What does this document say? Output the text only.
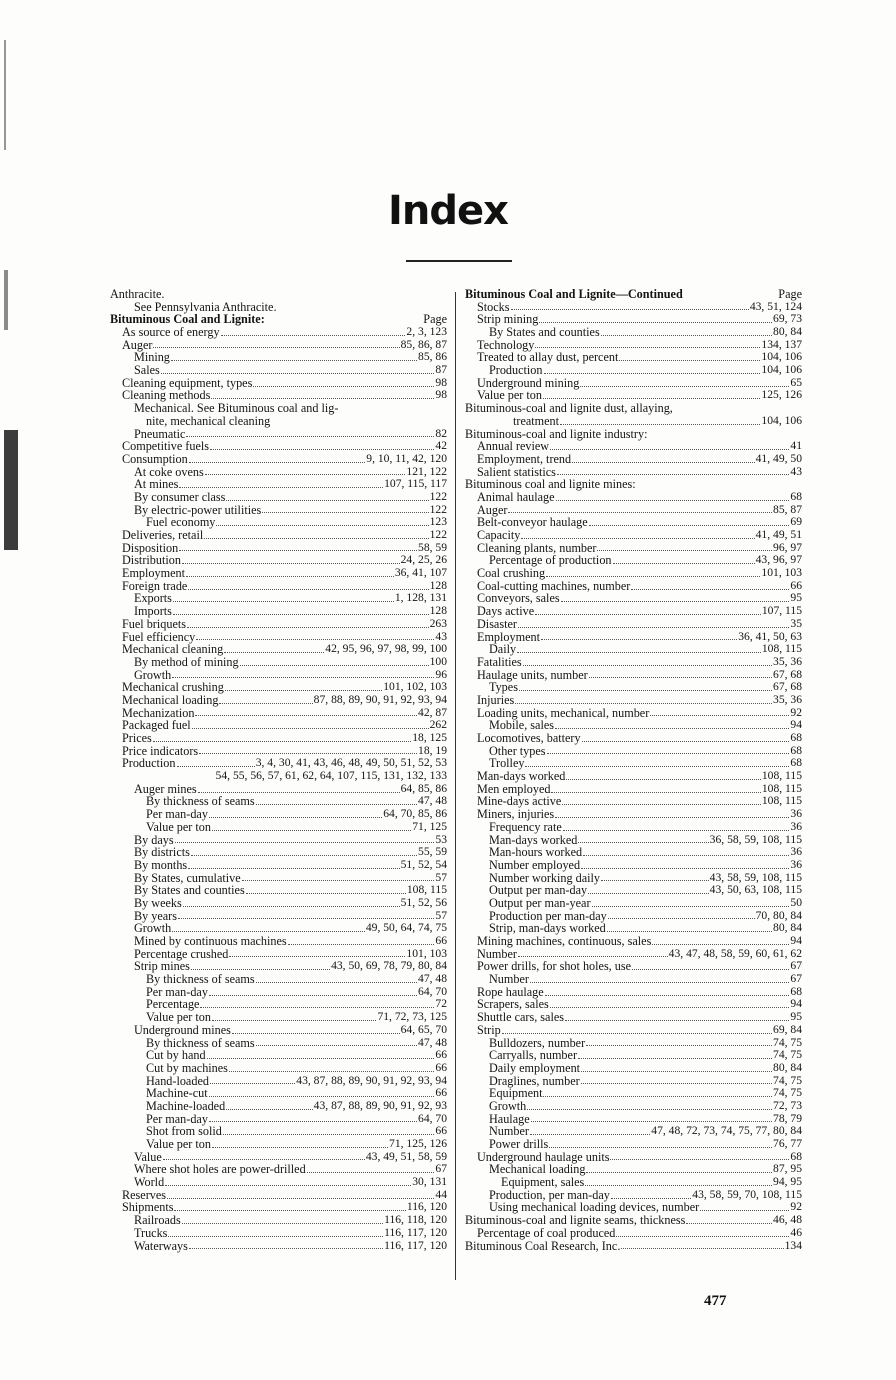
Index
Anthracite.
See Pennsylvania Anthracite.
Bituminous Coal and Lignite:	Page
As source of energy	2, 3, 123
Auger	85, 86, 87
Mining	85, 86
Sales	87
Cleaning equipment, types	98
Cleaning methods	98
Mechanical. See Bituminous coal and lig-
nite, mechanical cleaning
Pneumatic	82
Competitive fuels	42
Consumption	9, 10, 11, 42, 120
At coke ovens	121, 122
At mines	107, 115, 117
By consumer class	122
By electric-power utilities	122
Fuel economy	123
Deliveries, retail	122
Disposition	58, 59
Distribution	24, 25, 26
Employment	36, 41, 107
Foreign trade	128
Exports	1, 128, 131
Imports	128
Fuel briquets	263
Fuel efficiency	43
Mechanical cleaning	42, 95, 96, 97, 98, 99, 100
By method of mining	100
Growth	96
Mechanical crushing	101, 102, 103
Mechanical loading	87, 88, 89, 90, 91, 92, 93, 94
Mechanization	42, 87
Packaged fuel	262
Prices	18, 125
Price indicators	18, 19
Production	3, 4, 30, 41, 43, 46, 48, 49, 50, 51, 52, 53
54, 55, 56, 57, 61, 62, 64, 107, 115, 131, 132, 133
Auger mines	64, 85, 86
By thickness of seams	47, 48
Per man-day	64, 70, 85, 86
Value per ton	71, 125
By days	53
By districts	55, 59
By months	51, 52, 54
By States, cumulative	57
By States and counties	108, 115
By weeks	51, 52, 56
By years	57
Growth	49, 50, 64, 74, 75
Mined by continuous machines	66
Percentage crushed	101, 103
Strip mines	43, 50, 69, 78, 79, 80, 84
By thickness of seams	47, 48
Per man-day	64, 70
Percentage	72
Value per ton	71, 72, 73, 125
Underground mines	64, 65, 70
By thickness of seams	47, 48
Cut by hand	66
Cut by machines	66
Hand-loaded	43, 87, 88, 89, 90, 91, 92, 93, 94
Machine-cut	66
Machine-loaded	43, 87, 88, 89, 90, 91, 92, 93
Per man-day	64, 70
Shot from solid	66
Value per ton	71, 125, 126
Value	43, 49, 51, 58, 59
Where shot holes are power-drilled	67
World	30, 131
Reserves	44
Shipments	116, 120
Railroads	116, 118, 120
Trucks	116, 117, 120
Waterways	116, 117, 120
Bituminous Coal and Lignite—Continued	Page
Stocks	43, 51, 124
Strip mining	69, 73
By States and counties	80, 84
Technology	134, 137
Treated to allay dust, percent	104, 106
Production	104, 106
Underground mining	65
Value per ton	125, 126
Bituminous-coal and lignite dust, allaying,
treatment	104, 106
Bituminous-coal and lignite industry:
Annual review	41
Employment, trend	41, 49, 50
Salient statistics	43
Bituminous coal and lignite mines:
Animal haulage	68
Auger	85, 87
Belt-conveyor haulage	69
Capacity	41, 49, 51
Cleaning plants, number	96, 97
Percentage of production	43, 96, 97
Coal crushing	101, 103
Coal-cutting machines, number	66
Conveyors, sales	95
Days active	107, 115
Disaster	35
Employment	36, 41, 50, 63
Daily	108, 115
Fatalities	35, 36
Haulage units, number	67, 68
Types	67, 68
Injuries	35, 36
Loading units, mechanical, number	92
Mobile, sales	94
Locomotives, battery	68
Other types	68
Trolley	68
Man-days worked	108, 115
Men employed	108, 115
Mine-days active	108, 115
Miners, injuries	36
Frequency rate	36
Man-days worked	36, 58, 59, 108, 115
Man-hours worked	36
Number employed	36
Number working daily	43, 58, 59, 108, 115
Output per man-day	43, 50, 63, 108, 115
Output per man-year	50
Production per man-day	70, 80, 84
Strip, man-days worked	80, 84
Mining machines, continuous, sales	94
Number	43, 47, 48, 58, 59, 60, 61, 62
Power drills, for shot holes, use	67
Number	67
Rope haulage	68
Scrapers, sales	94
Shuttle cars, sales	95
Strip	69, 84
Bulldozers, number	74, 75
Carryalls, number	74, 75
Daily employment	80, 84
Draglines, number	74, 75
Equipment	74, 75
Growth	72, 73
Haulage	78, 79
Number	47, 48, 72, 73, 74, 75, 77, 80, 84
Power drills	76, 77
Underground haulage units	68
Mechanical loading	87, 95
Equipment, sales	94, 95
Production, per man-day	43, 58, 59, 70, 108, 115
Using mechanical loading devices, number	92
Bituminous-coal and lignite seams, thickness	46, 48
Percentage of coal produced	46
Bituminous Coal Research, Inc.	134
477
